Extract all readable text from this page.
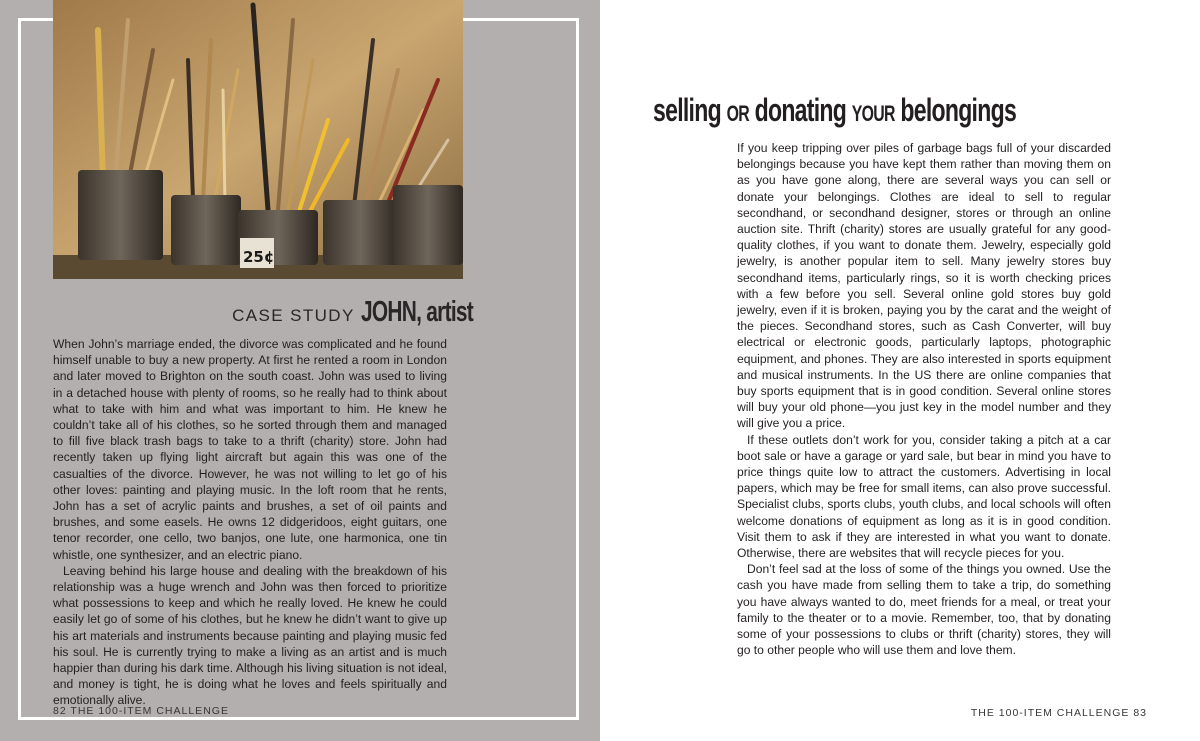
25¢
CASE STUDY JOHN, artist

When John’s marriage ended, the divorce was complicated and he found himself unable to buy a new property. At first he rented a room in London and later moved to Brighton on the south coast. John was used to living in a detached house with plenty of rooms, so he really had to think about what to take with him and what was important to him. He knew he couldn’t take all of his clothes, so he sorted through them and managed to fill five black trash bags to take to a thrift (charity) store. John had recently taken up flying light aircraft but again this was one of the casualties of the divorce. However, he was not willing to let go of his other loves: painting and playing music. In the loft room that he rents, John has a set of acrylic paints and brushes, a set of oil paints and brushes, and some easels. He owns 12 didgeridoos, eight guitars, one tenor recorder, one cello, two banjos, one lute, one harmonica, one tin whistle, one synthesizer, and an electric piano.

Leaving behind his large house and dealing with the breakdown of his relationship was a huge wrench and John was then forced to prioritize what possessions to keep and which he really loved. He knew he could easily let go of some of his clothes, but he knew he didn’t want to give up his art materials and instruments because painting and playing music fed his soul. He is currently trying to make a living as an artist and is much happier than during his dark time. Although his living situation is not ideal, and money is tight, he is doing what he loves and feels spiritually and emotionally alive.

82 THE 100-ITEM CHALLENGE
selling OR donating YOUR belongings

If you keep tripping over piles of garbage bags full of your discarded belongings because you have kept them rather than moving them on as you have gone along, there are several ways you can sell or donate your belongings. Clothes are ideal to sell to regular secondhand, or secondhand designer, stores or through an online auction site. Thrift (charity) stores are usually grateful for any good-quality clothes, if you want to donate them. Jewelry, especially gold jewelry, is another popular item to sell. Many jewelry stores buy secondhand items, particularly rings, so it is worth checking prices with a few before you sell. Several online gold stores buy gold jewelry, even if it is broken, paying you by the carat and the weight of the pieces. Secondhand stores, such as Cash Converter, will buy electrical or electronic goods, particularly laptops, photographic equipment, and phones. They are also interested in sports equipment and musical instruments. In the US there are online companies that buy sports equipment that is in good condition. Several online stores will buy your old phone—you just key in the model number and they will give you a price.

If these outlets don’t work for you, consider taking a pitch at a car boot sale or have a garage or yard sale, but bear in mind you have to price things quite low to attract the customers. Advertising in local papers, which may be free for small items, can also prove successful. Specialist clubs, sports clubs, youth clubs, and local schools will often welcome donations of equipment as long as it is in good condition. Visit them to ask if they are interested in what you want to donate. Otherwise, there are websites that will recycle pieces for you.

Don’t feel sad at the loss of some of the things you owned. Use the cash you have made from selling them to take a trip, do something you have always wanted to do, meet friends for a meal, or treat your family to the theater or to a movie. Remember, too, that by donating some of your possessions to clubs or thrift (charity) stores, they will go to other people who will use them and love them.

THE 100-ITEM CHALLENGE 83
